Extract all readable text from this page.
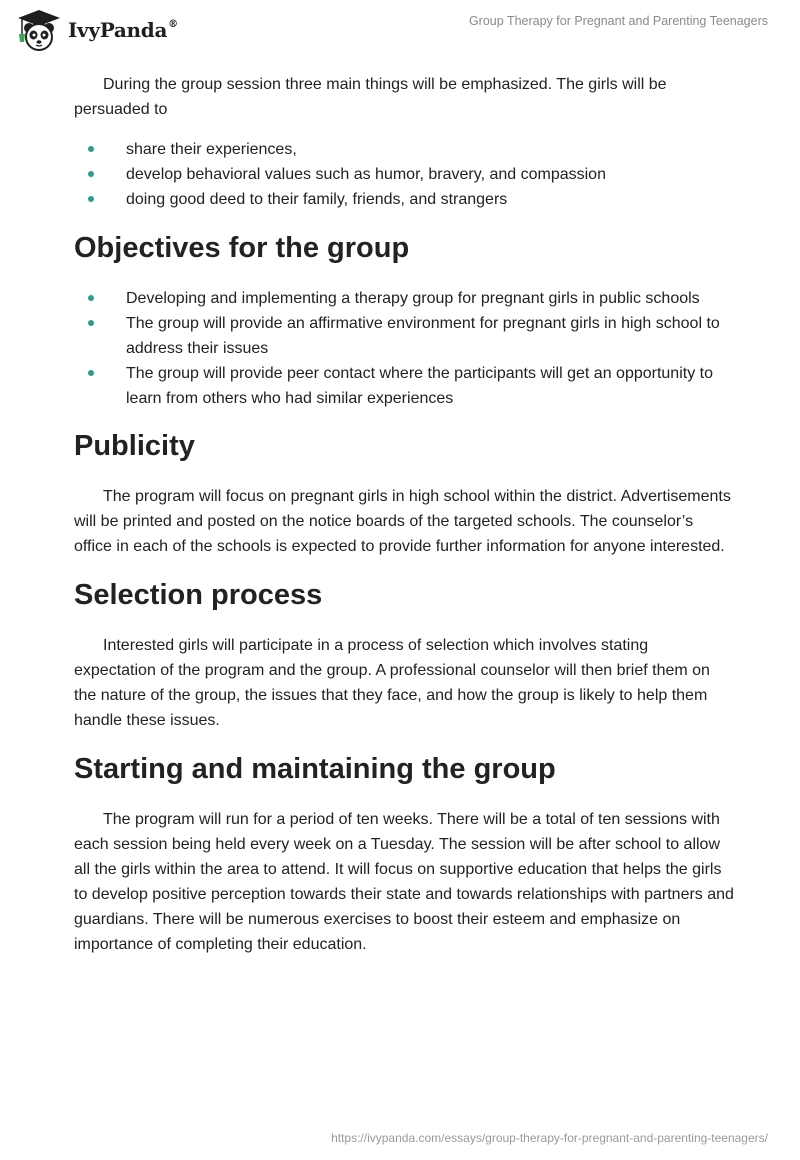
IvyPanda®	Group Therapy for Pregnant and Parenting Teenagers

During the group session three main things will be emphasized. The girls will be persuaded to

share their experiences,
develop behavioral values such as humor, bravery, and compassion
doing good deed to their family, friends, and strangers
Objectives for the group
Developing and implementing a therapy group for pregnant girls in public schools
The group will provide an affirmative environment for pregnant girls in high school to address their issues
The group will provide peer contact where the participants will get an opportunity to learn from others who had similar experiences
Publicity

The program will focus on pregnant girls in high school within the district. Advertisements will be printed and posted on the notice boards of the targeted schools. The counselor’s office in each of the schools is expected to provide further information for anyone interested.

Selection process

Interested girls will participate in a process of selection which involves stating expectation of the program and the group. A professional counselor will then brief them on the nature of the group, the issues that they face, and how the group is likely to help them handle these issues.

Starting and maintaining the group

The program will run for a period of ten weeks. There will be a total of ten sessions with each session being held every week on a Tuesday. The session will be after school to allow all the girls within the area to attend. It will focus on supportive education that helps the girls to develop positive perception towards their state and towards relationships with partners and guardians. There will be numerous exercises to boost their esteem and emphasize on importance of completing their education.

https://ivypanda.com/essays/group-therapy-for-pregnant-and-parenting-teenagers/
